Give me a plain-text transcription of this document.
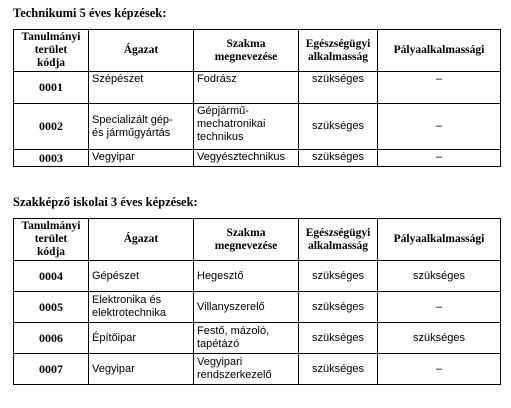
Technikumi 5 éves képzések:
Tanulmányi
terület
kódja	Ágazat	Szakma
megnevezése	Egészségügyi
alkalmasság	Pályaalkalmassági
0001	Szépészet	Fodrász	szükséges	–
0002	Specializált gép-
és járműgyártás	Gépjármű-
mechatronikai
technikus	szükséges	–
0003	Vegyipar	Vegyésztechnikus	szükséges	–
Szakképző iskolai 3 éves képzések:
Tanulmányi
terület
kódja	Ágazat	Szakma
megnevezése	Egészségügyi
alkalmasság	Pályaalkalmassági
0004	Gépészet	Hegesztő	szükséges	szükséges
0005	Elektronika és
elektrotechnika	Villanyszerelő	szükséges	–
0006	Építőipar	Festő, mázoló,
tapétázó	szükséges	szükséges
0007	Vegyipar	Vegyipari
rendszerkezelő	szükséges	–
